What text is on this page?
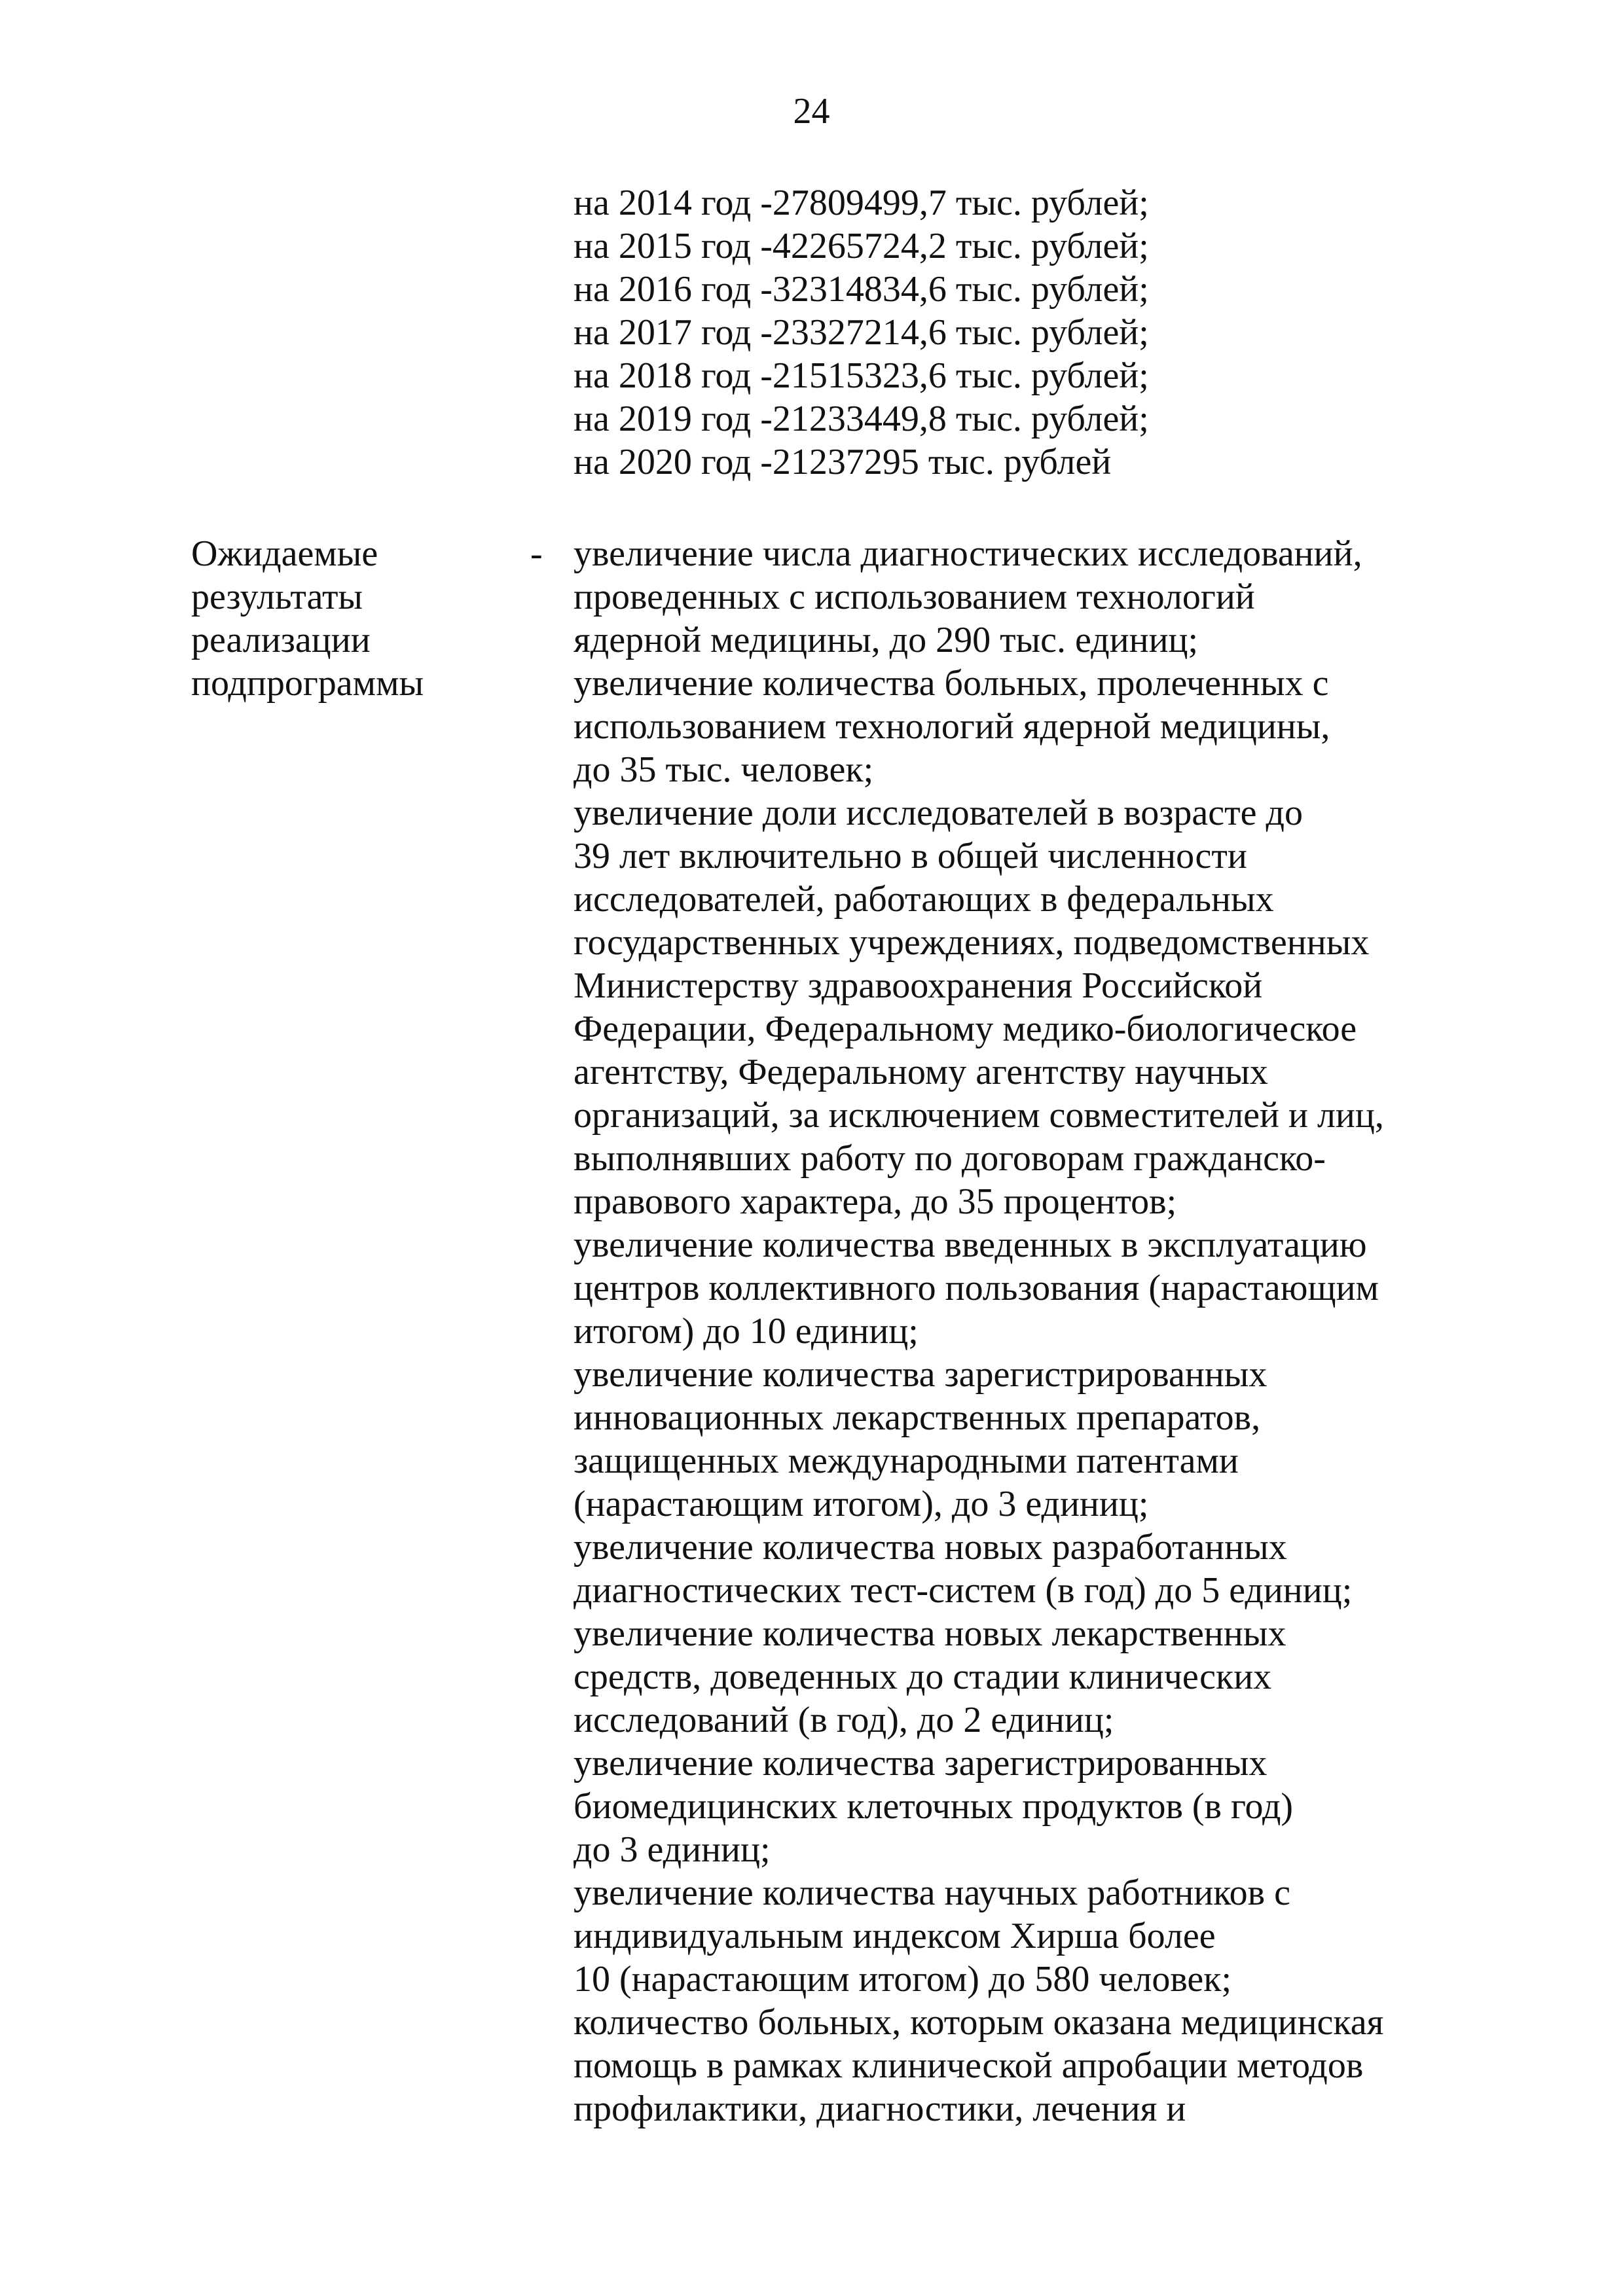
24
на 2014 год -27809499,7 тыс. рублей;
на 2015 год -42265724,2 тыс. рублей;
на 2016 год -32314834,6 тыс. рублей;
на 2017 год -23327214,6 тыс. рублей;
на 2018 год -21515323,6 тыс. рублей;
на 2019 год -21233449,8 тыс. рублей;
на 2020 год -21237295 тыс. рублей
Ожидаемые
результаты
реализации
подпрограммы
- увеличение числа диагностических исследований,
проведенных с использованием технологий
ядерной медицины, до 290 тыс. единиц;
увеличение количества больных, пролеченных с
использованием технологий ядерной медицины,
до 35 тыс. человек;
увеличение доли исследователей в возрасте до
39 лет включительно в общей численности
исследователей, работающих в федеральных
государственных учреждениях, подведомственных
Министерству здравоохранения Российской
Федерации, Федеральному медико-биологическое
агентству, Федеральному агентству научных
организаций, за исключением совместителей и лиц,
выполнявших работу по договорам гражданско-
правового характера, до 35 процентов;
увеличение количества введенных в эксплуатацию
центров коллективного пользования (нарастающим
итогом) до 10 единиц;
увеличение количества зарегистрированных
инновационных лекарственных препаратов,
защищенных международными патентами
(нарастающим итогом), до 3 единиц;
увеличение количества новых разработанных
диагностических тест-систем (в год) до 5 единиц;
увеличение количества новых лекарственных
средств, доведенных до стадии клинических
исследований (в год), до 2 единиц;
увеличение количества зарегистрированных
биомедицинских клеточных продуктов (в год)
до 3 единиц;
увеличение количества научных работников с
индивидуальным индексом Хирша более
10 (нарастающим итогом) до 580 человек;
количество больных, которым оказана медицинская
помощь в рамках клинической апробации методов
профилактики, диагностики, лечения и
